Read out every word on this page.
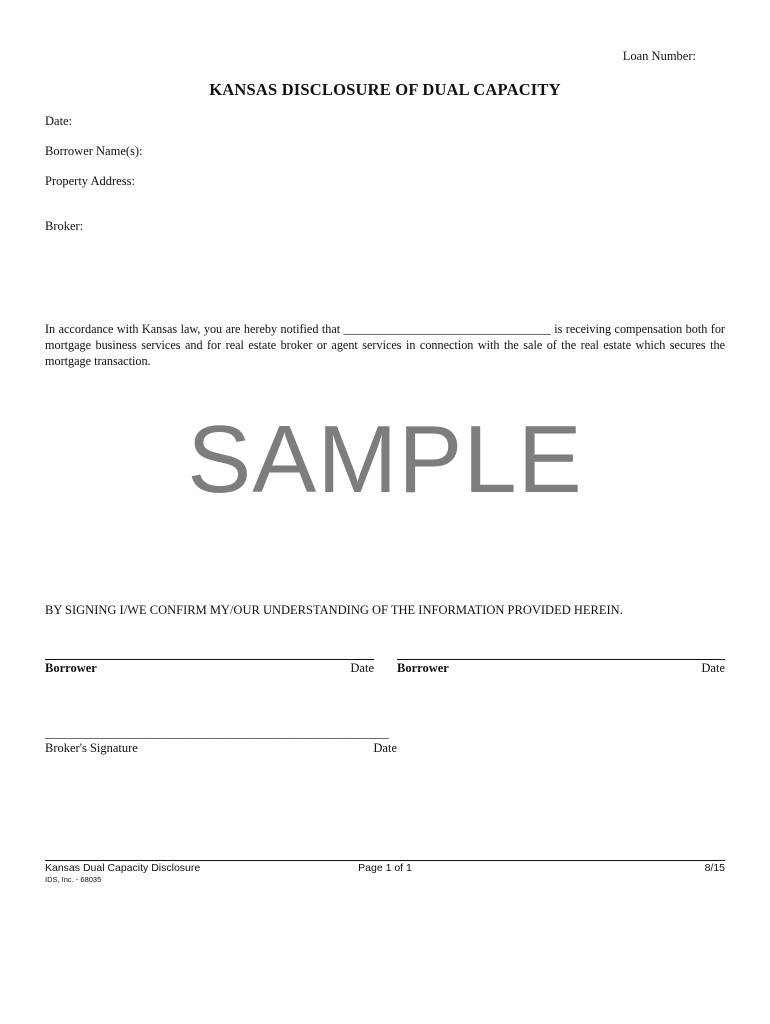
Loan Number:
KANSAS DISCLOSURE OF DUAL CAPACITY
Date:
Borrower Name(s):
Property Address:
Broker:
In accordance with Kansas law, you are hereby notified that __________________________________ is receiving compensation both for mortgage business services and for real estate broker or agent services in connection with the sale of the real estate which secures the mortgage transaction.
SAMPLE
BY SIGNING I/WE CONFIRM MY/OUR UNDERSTANDING OF THE INFORMATION PROVIDED HEREIN.
Borrower	Date Borrower	Date
_______________________________________________________
Broker's Signature	Date
Kansas Dual Capacity Disclosure	Page 1 of 1	8/15
IDS, Inc. - 68035
